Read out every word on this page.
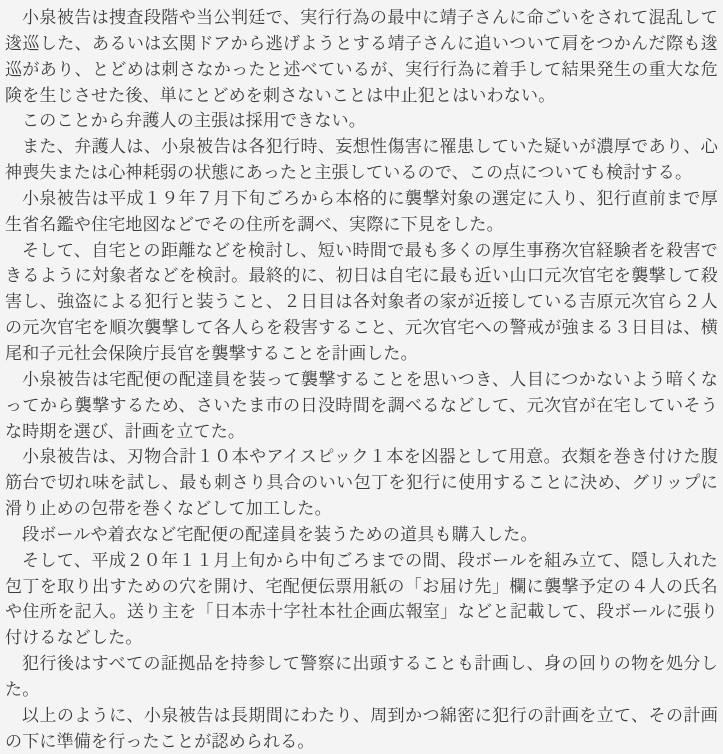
小泉被告は捜査段階や当公判廷で、実行行為の最中に靖子さんに命ごいをされて混乱して逡巡した、あるいは玄関ドアから逃げようとする靖子さんに追いついて肩をつかんだ際も逡巡があり、とどめは刺さなかったと述べているが、実行行為に着手して結果発生の重大な危険を生じさせた後、単にとどめを刺さないことは中止犯とはいわない。

このことから弁護人の主張は採用できない。

また、弁護人は、小泉被告は各犯行時、妄想性傷害に罹患していた疑いが濃厚であり、心神喪失または心神耗弱の状態にあったと主張しているので、この点についても検討する。

小泉被告は平成１９年７月下旬ごろから本格的に襲撃対象の選定に入り、犯行直前まで厚生省名鑑や住宅地図などでその住所を調べ、実際に下見をした。

そして、自宅との距離などを検討し、短い時間で最も多くの厚生事務次官経験者を殺害できるように対象者などを検討。最終的に、初日は自宅に最も近い山口元次官宅を襲撃して殺害し、強盗による犯行と装うこと、２日目は各対象者の家が近接している吉原元次官ら２人の元次官宅を順次襲撃して各人らを殺害すること、元次官宅への警戒が強まる３日目は、横尾和子元社会保険庁長官を襲撃することを計画した。

小泉被告は宅配便の配達員を装って襲撃することを思いつき、人目につかないよう暗くなってから襲撃するため、さいたま市の日没時間を調べるなどして、元次官が在宅していそうな時期を選び、計画を立てた。

小泉被告は、刃物合計１０本やアイスピック１本を凶器として用意。衣類を巻き付けた腹筋台で切れ味を試し、最も刺さり具合のいい包丁を犯行に使用することに決め、グリップに滑り止めの包帯を巻くなどして加工した。

段ボールや着衣など宅配便の配達員を装うための道具も購入した。

そして、平成２０年１１月上旬から中旬ごろまでの間、段ボールを組み立て、隠し入れた包丁を取り出すための穴を開け、宅配便伝票用紙の「お届け先」欄に襲撃予定の４人の氏名や住所を記入。送り主を「日本赤十字社本社企画広報室」などと記載して、段ボールに張り付けるなどした。

犯行後はすべての証拠品を持参して警察に出頭することも計画し、身の回りの物を処分した。

以上のように、小泉被告は長期間にわたり、周到かつ綿密に犯行の計画を立て、その計画の下に準備を行ったことが認められる。
